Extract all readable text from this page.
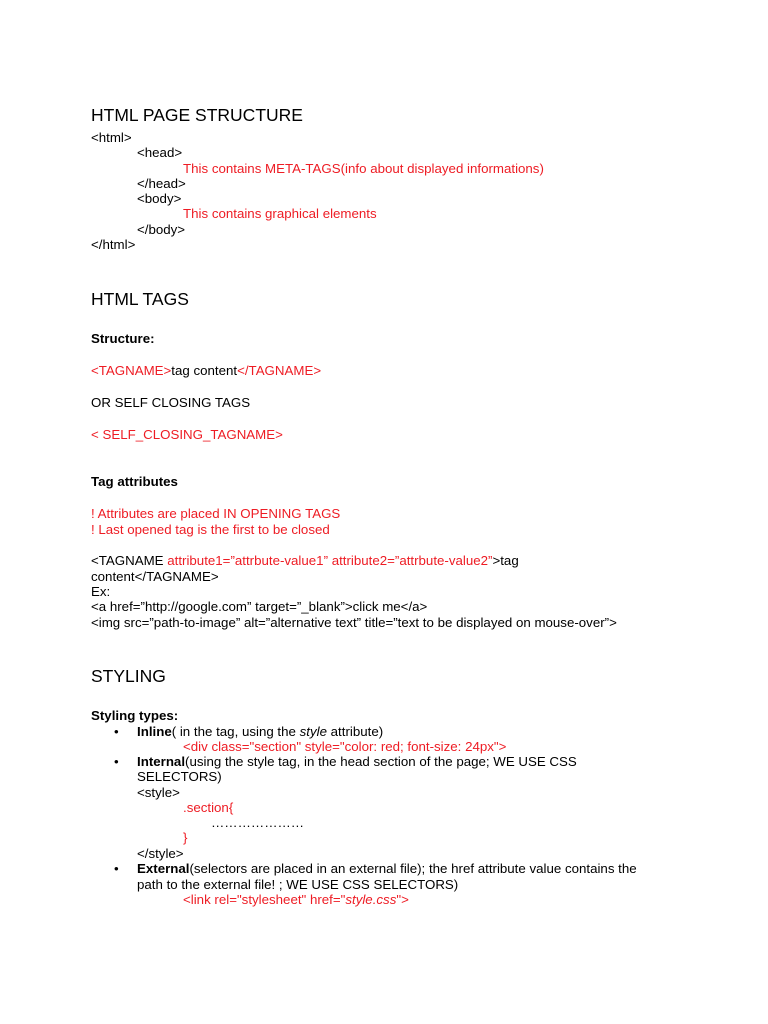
HTML PAGE STRUCTURE
<html>
<head>
This contains META-TAGS(info about displayed informations)
</head>
<body>
This contains graphical elements
</body>
</html>
HTML TAGS
Structure:
<TAGNAME>tag content</TAGNAME>
OR SELF CLOSING TAGS
< SELF_CLOSING_TAGNAME>
Tag attributes
! Attributes are placed IN OPENING TAGS
! Last opened tag is the first to be closed
<TAGNAME attribute1=”attrbute-value1” attribute2=”attrbute-value2”>tag
content</TAGNAME>
Ex:
<a href=”http://google.com” target=”_blank”>click me</a>
<img src=”path-to-image” alt=”alternative text” title=”text to be displayed on mouse-over”>
STYLING
Styling types:
• Inline( in the tag, using the style attribute)
<div class="section" style="color: red; font-size: 24px">
• Internal(using the style tag, in the head section of the page; WE USE CSS
SELECTORS)
<style>
.section{
…………………
}
</style>
• External(selectors are placed in an external file); the href attribute value contains the
path to the external file! ; WE USE CSS SELECTORS)
<link rel="stylesheet" href="style.css">
